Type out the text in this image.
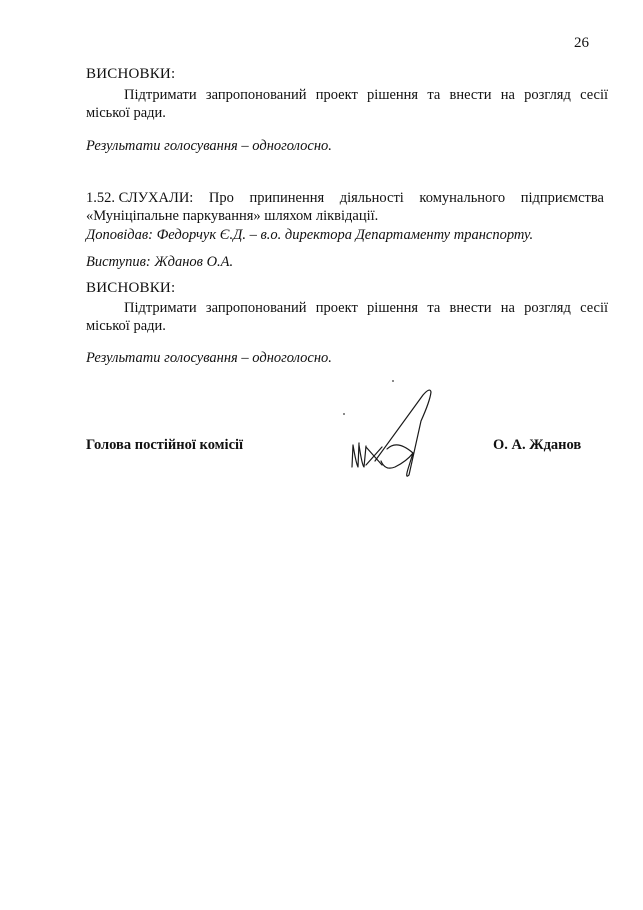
26
ВИСНОВКИ:
Підтримати запропонований проект рішення та внести на розгляд сесії міської ради.
Результати голосування – одноголосно.
1.52. СЛУХАЛИ: Про припинення діяльності комунального підприємства
«Муніціпальне паркування» шляхом ліквідації.
Доповідав: Федорчук Є.Д. – в.о. директора Департаменту транспорту.
Виступив: Жданов О.А.
ВИСНОВКИ:
Підтримати запропонований проект рішення та внести на розгляд сесії міської ради.
Результати голосування – одноголосно.
Голова постійної комісії	О. А. Жданов
